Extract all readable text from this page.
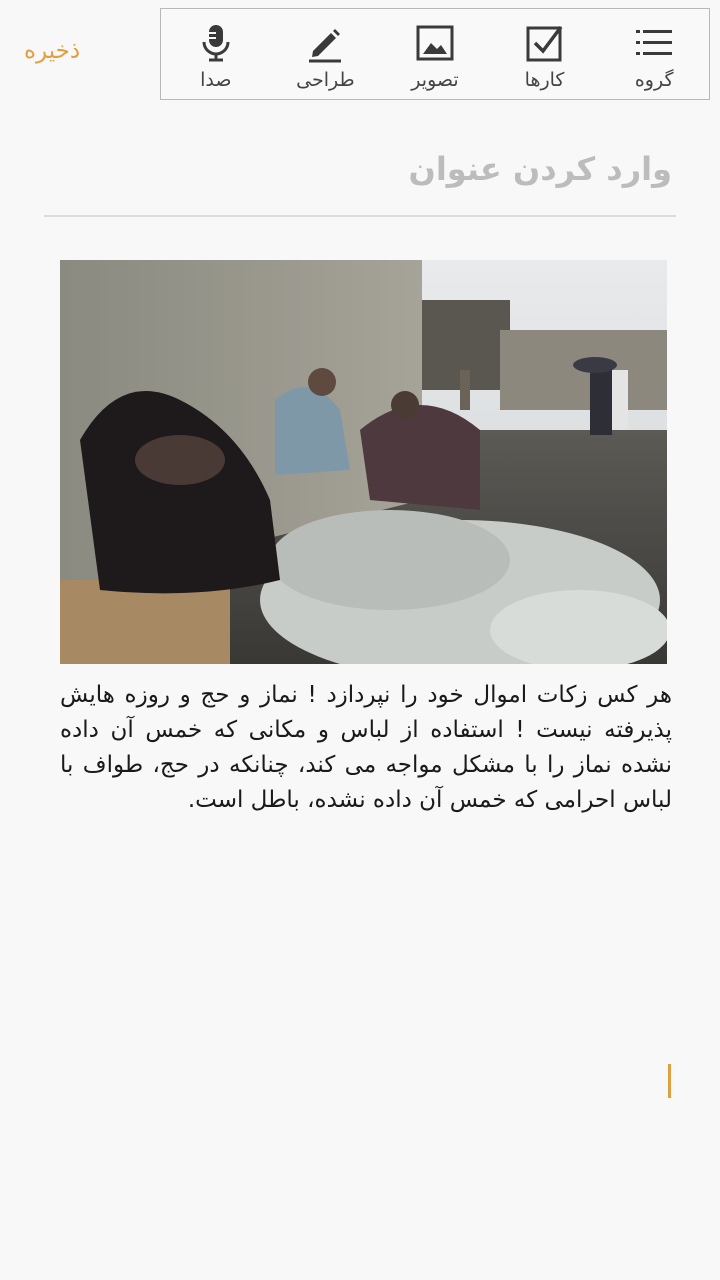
ذخیره
صدا	طراحی	تصویر	کارها	گروه
وارد کردن عنوان
هر کس زکات اموال خود را نپردازد ! نماز و حج و روزه هایش پذیرفته نیست ! استفاده از لباس و مکانی که خمس آن داده نشده نماز را با مشکل مواجه می کند، چنانکه در حج، طواف با لباس احرامی که خمس آن داده نشده، باطل است.
